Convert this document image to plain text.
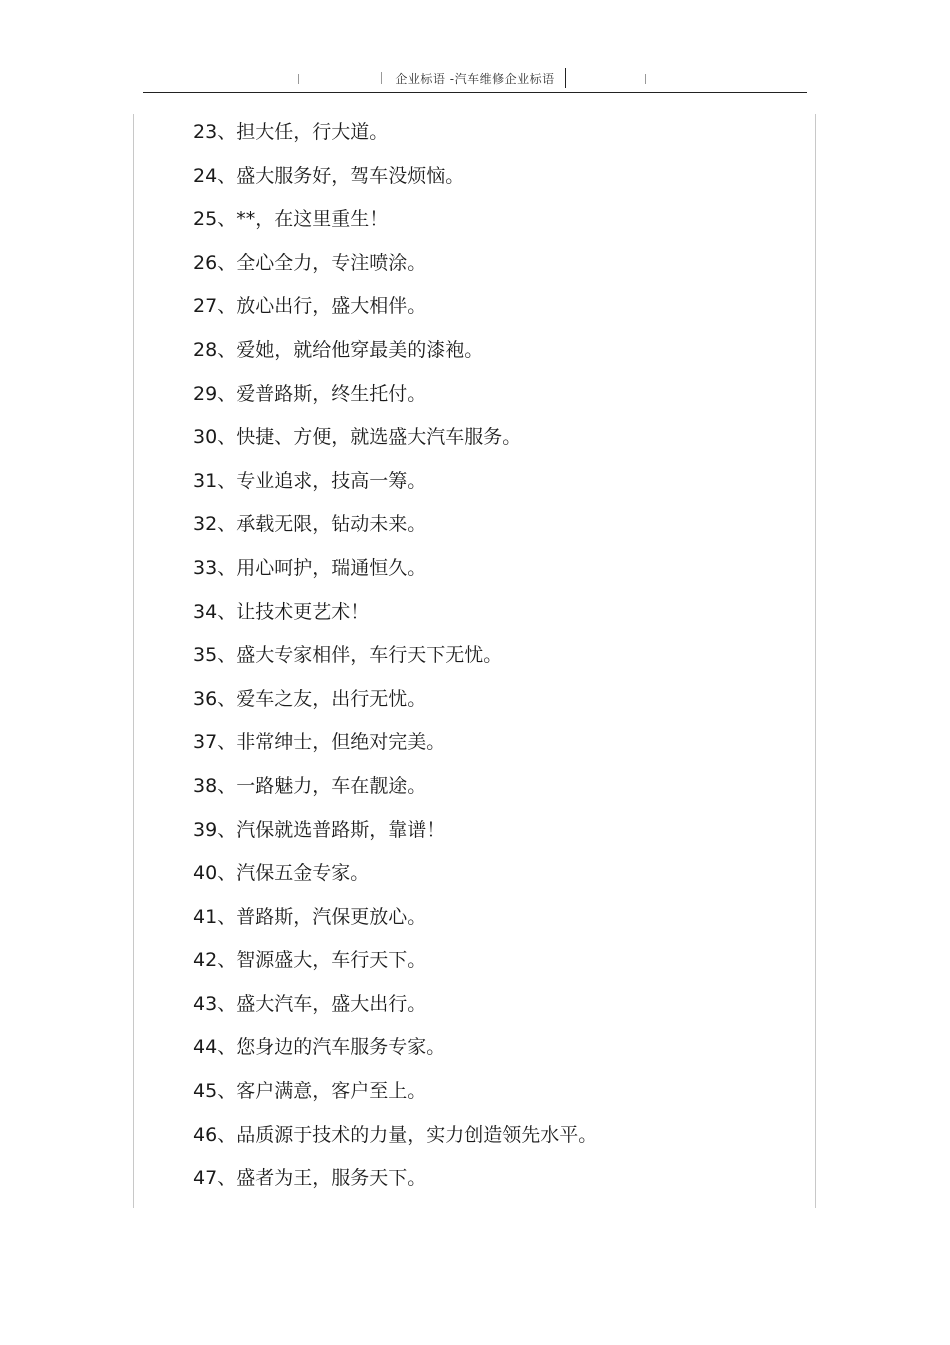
企业标语 -汽车维修企业标语
23、担大任，行大道。
24、盛大服务好，驾车没烦恼。
25、**，在这里重生！
26、全心全力，专注喷涂。
27、放心出行，盛大相伴。
28、爱她，就给他穿最美的漆袍。
29、爱普路斯，终生托付。
30、快捷、方便，就选盛大汽车服务。
31、专业追求，技高一筹。
32、承载无限，钻动未来。
33、用心呵护，瑞通恒久。
34、让技术更艺术！
35、盛大专家相伴，车行天下无忧。
36、爱车之友，出行无忧。
37、非常绅士，但绝对完美。
38、一路魅力，车在靓途。
39、汽保就选普路斯，靠谱！
40、汽保五金专家。
41、普路斯，汽保更放心。
42、智源盛大，车行天下。
43、盛大汽车，盛大出行。
44、您身边的汽车服务专家。
45、客户满意，客户至上。
46、品质源于技术的力量，实力创造领先水平。
47、盛者为王，服务天下。
